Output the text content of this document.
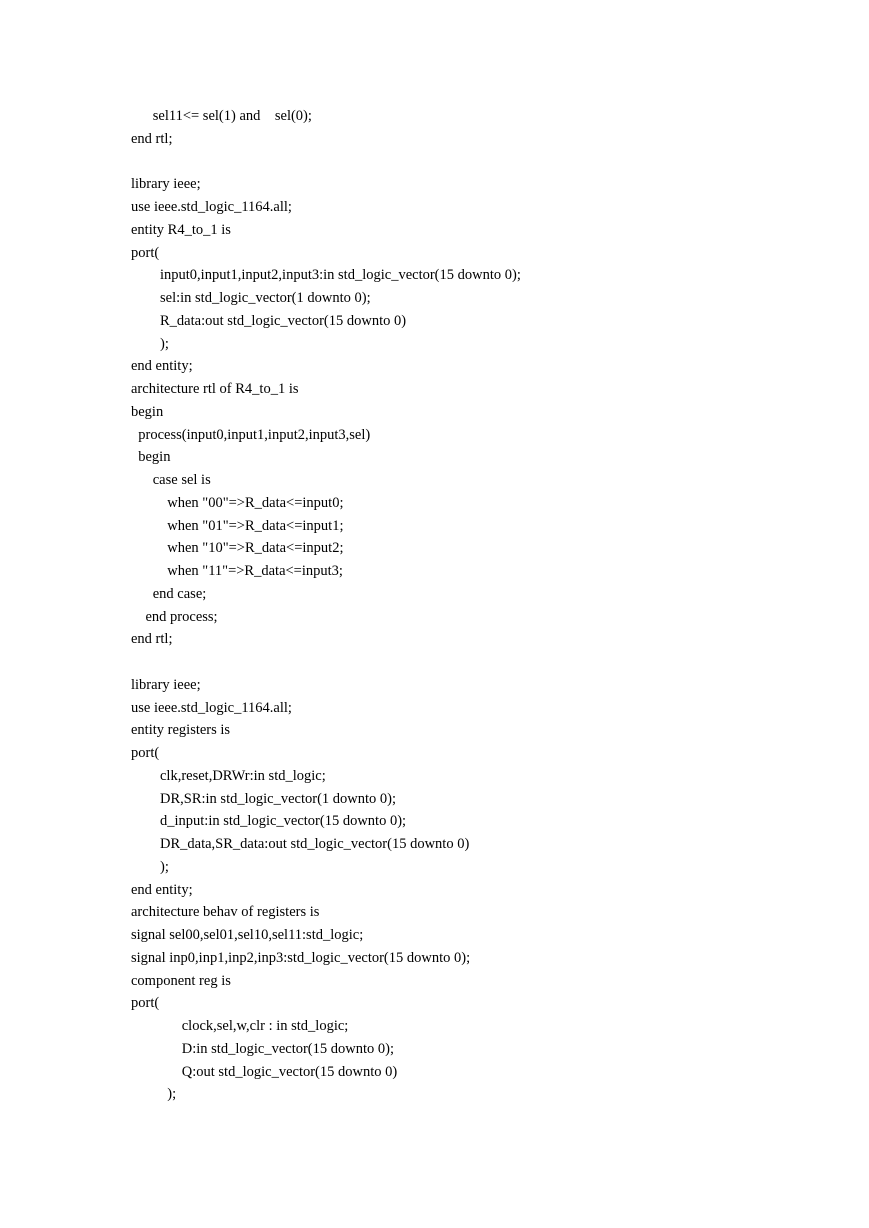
sel11<= sel(1) and    sel(0);
end rtl;
library ieee;
use ieee.std_logic_1164.all;
entity R4_to_1 is
port(
input0,input1,input2,input3:in std_logic_vector(15 downto 0);
sel:in std_logic_vector(1 downto 0);
R_data:out std_logic_vector(15 downto 0)
);
end entity;
architecture rtl of R4_to_1 is
begin
process(input0,input1,input2,input3,sel)
begin
case sel is
when "00"=>R_data<=input0;
when "01"=>R_data<=input1;
when "10"=>R_data<=input2;
when "11"=>R_data<=input3;
end case;
end process;
end rtl;
library ieee;
use ieee.std_logic_1164.all;
entity registers is
port(
clk,reset,DRWr:in std_logic;
DR,SR:in std_logic_vector(1 downto 0);
d_input:in std_logic_vector(15 downto 0);
DR_data,SR_data:out std_logic_vector(15 downto 0)
);
end entity;
architecture behav of registers is
signal sel00,sel01,sel10,sel11:std_logic;
signal inp0,inp1,inp2,inp3:std_logic_vector(15 downto 0);
component reg is
port(
clock,sel,w,clr : in std_logic;
D:in std_logic_vector(15 downto 0);
Q:out std_logic_vector(15 downto 0)
);
